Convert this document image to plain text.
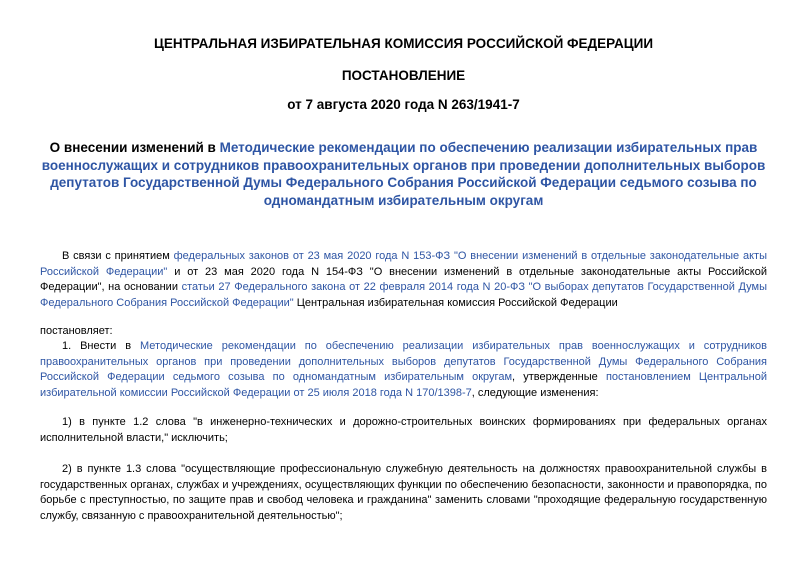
ЦЕНТРАЛЬНАЯ ИЗБИРАТЕЛЬНАЯ КОМИССИЯ РОССИЙСКОЙ ФЕДЕРАЦИИ
ПОСТАНОВЛЕНИЕ
от 7 августа 2020 года N 263/1941-7
О внесении изменений в Методические рекомендации по обеспечению реализации избирательных прав военнослужащих и сотрудников правоохранительных органов при проведении дополнительных выборов депутатов Государственной Думы Федерального Собрания Российской Федерации седьмого созыва по одномандатным избирательным округам
В связи с принятием федеральных законов от 23 мая 2020 года N 153-ФЗ "О внесении изменений в отдельные законодательные акты Российской Федерации" и от 23 мая 2020 года N 154-ФЗ "О внесении изменений в отдельные законодательные акты Российской Федерации", на основании статьи 27 Федерального закона от 22 февраля 2014 года N 20-ФЗ "О выборах депутатов Государственной Думы Федерального Собрания Российской Федерации" Центральная избирательная комиссия Российской Федерации
постановляет:
1. Внести в Методические рекомендации по обеспечению реализации избирательных прав военнослужащих и сотрудников правоохранительных органов при проведении дополнительных выборов депутатов Государственной Думы Федерального Собрания Российской Федерации седьмого созыва по одномандатным избирательным округам, утвержденные постановлением Центральной избирательной комиссии Российской Федерации от 25 июля 2018 года N 170/1398-7, следующие изменения:
1) в пункте 1.2 слова "в инженерно-технических и дорожно-строительных воинских формированиях при федеральных органах исполнительной власти," исключить;
2) в пункте 1.3 слова "осуществляющие профессиональную служебную деятельность на должностях правоохранительной службы в государственных органах, службах и учреждениях, осуществляющих функции по обеспечению безопасности, законности и правопорядка, по борьбе с преступностью, по защите прав и свобод человека и гражданина" заменить словами "проходящие федеральную государственную службу, связанную с правоохранительной деятельностью";
